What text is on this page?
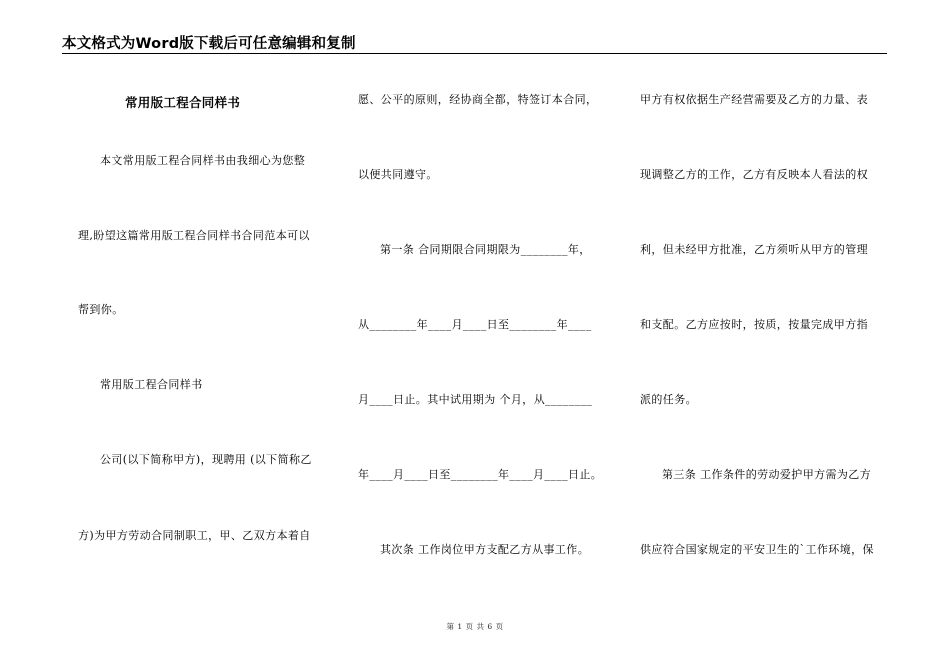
本文格式为Word版下载后可任意编辑和复制
常用版工程合同样书
本文常用版工程合同样书由我细心为您整
理,盼望这篇常用版工程合同样书合同范本可以
帮到你。
常用版工程合同样书
公司(以下简称甲方)，现聘用 (以下简称乙
方)为甲方劳动合同制职工，甲、乙双方本着自
愿、公平的原则，经协商全都，特签订本合同，
以便共同遵守。
第一条 合同期限合同期限为________年，
从________年____月____日至________年____
月____日止。其中试用期为 个月，从________
年____月____日至________年____月____日止。
其次条 工作岗位甲方支配乙方从事工作。
甲方有权依据生产经营需要及乙方的力量、表
现调整乙方的工作，乙方有反映本人看法的权
利，但未经甲方批准，乙方须听从甲方的管理
和支配。乙方应按时，按质，按量完成甲方指
派的任务。
第三条 工作条件的劳动爱护甲方需为乙方
供应符合国家规定的平安卫生的`工作环境，保
第 1 页 共 6 页
